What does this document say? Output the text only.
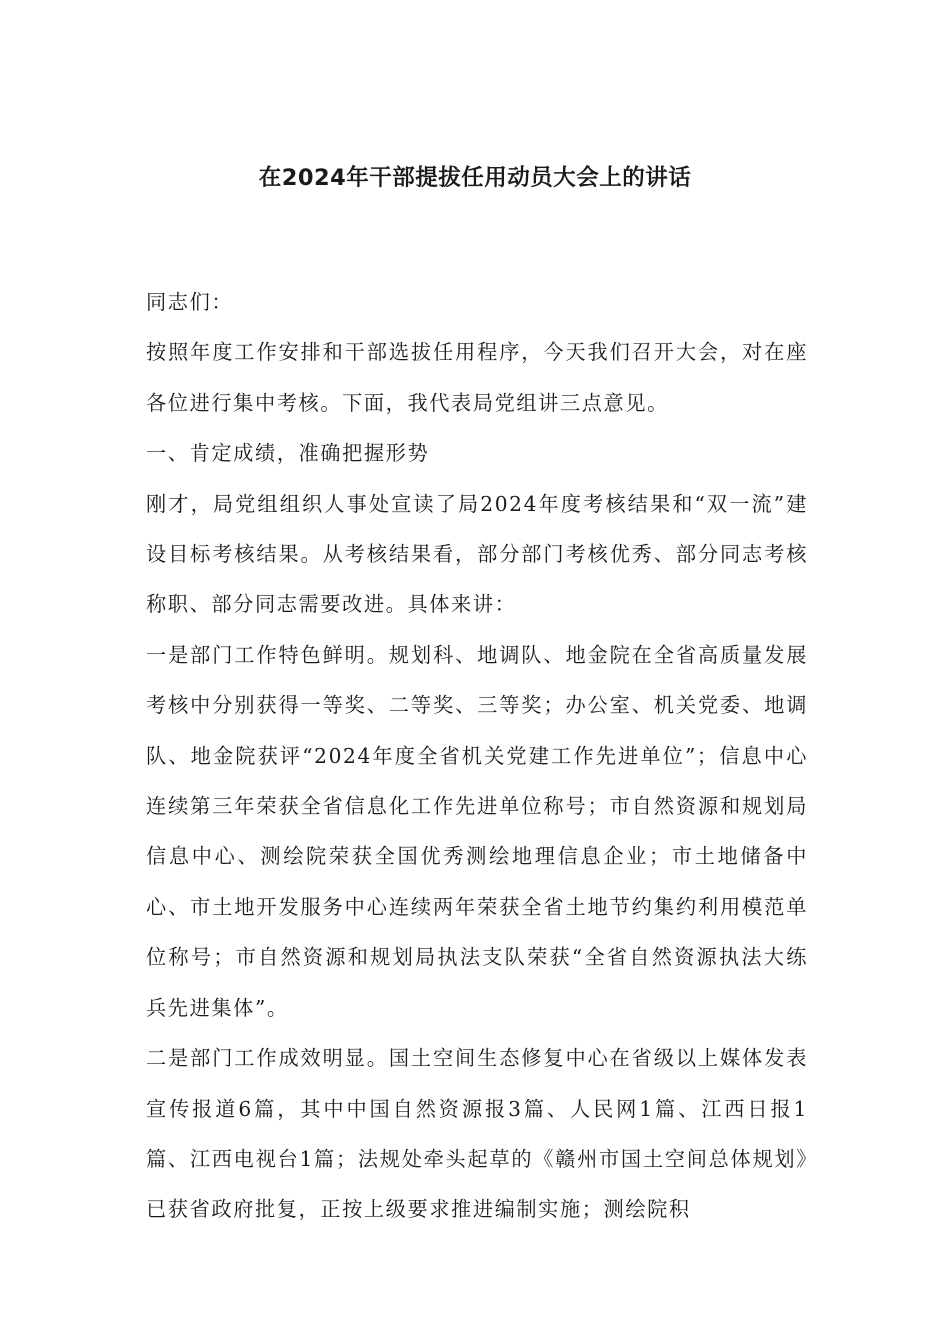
在2024年干部提拔任用动员大会上的讲话

同志们：

按照年度工作安排和干部选拔任用程序，今天我们召开大会，对在座各位进行集中考核。下面，我代表局党组讲三点意见。

一、肯定成绩，准确把握形势

刚才，局党组组织人事处宣读了局2024年度考核结果和“双一流”建设目标考核结果。从考核结果看，部分部门考核优秀、部分同志考核称职、部分同志需要改进。具体来讲：

一是部门工作特色鲜明。规划科、地调队、地金院在全省高质量发展考核中分别获得一等奖、二等奖、三等奖；办公室、机关党委、地调队、地金院获评“2024年度全省机关党建工作先进单位”；信息中心连续第三年荣获全省信息化工作先进单位称号；市自然资源和规划局信息中心、测绘院荣获全国优秀测绘地理信息企业；市土地储备中心、市土地开发服务中心连续两年荣获全省土地节约集约利用模范单位称号；市自然资源和规划局执法支队荣获“全省自然资源执法大练兵先进集体”。

二是部门工作成效明显。国土空间生态修复中心在省级以上媒体发表宣传报道6篇，其中中国自然资源报3篇、人民网1篇、江西日报1篇、江西电视台1篇；法规处牵头起草的《赣州市国土空间总体规划》已获省政府批复，正按上级要求推进编制实施；测绘院积
